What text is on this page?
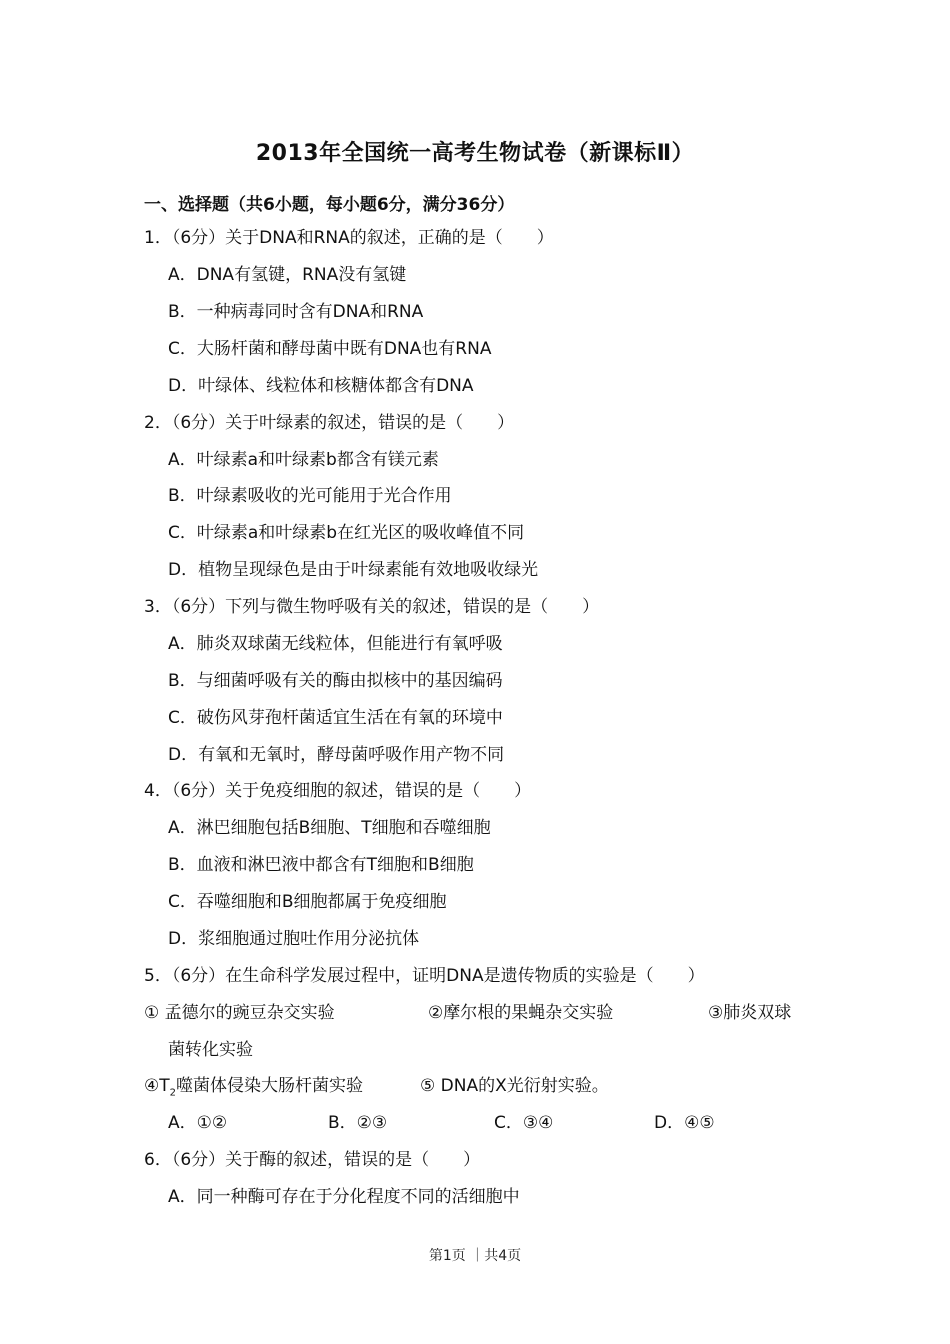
2013年全国统一高考生物试卷（新课标Ⅱ）
一、选择题（共6小题，每小题6分，满分36分）
1．（6分）关于DNA和RNA的叙述，正确的是（　　）
A．DNA有氢键，RNA没有氢键
B．一种病毒同时含有DNA和RNA
C．大肠杆菌和酵母菌中既有DNA也有RNA
D．叶绿体、线粒体和核糖体都含有DNA
2．（6分）关于叶绿素的叙述，错误的是（　　）
A．叶绿素a和叶绿素b都含有镁元素
B．叶绿素吸收的光可能用于光合作用
C．叶绿素a和叶绿素b在红光区的吸收峰值不同
D．植物呈现绿色是由于叶绿素能有效地吸收绿光
3．（6分）下列与微生物呼吸有关的叙述，错误的是（　　）
A．肺炎双球菌无线粒体，但能进行有氧呼吸
B．与细菌呼吸有关的酶由拟核中的基因编码
C．破伤风芽孢杆菌适宜生活在有氧的环境中
D．有氧和无氧时，酵母菌呼吸作用产物不同
4．（6分）关于免疫细胞的叙述，错误的是（　　）
A．淋巴细胞包括B细胞、T细胞和吞噬细胞
B．血液和淋巴液中都含有T细胞和B细胞
C．吞噬细胞和B细胞都属于免疫细胞
D．浆细胞通过胞吐作用分泌抗体
5．（6分）在生命科学发展过程中，证明DNA是遗传物质的实验是（　　）
① 孟德尔的豌豆杂交实验	②摩尔根的果蝇杂交实验	③肺炎双球
菌转化实验
$④T_2$噬菌体侵染大肠杆菌实验	⑤ DNA的X光衍射实验。
A．①②	B．②③	C．③④	D．④⑤
6．（6分）关于酶的叙述，错误的是（　　）
A．同一种酶可存在于分化程度不同的活细胞中
第1页 ｜共4页
